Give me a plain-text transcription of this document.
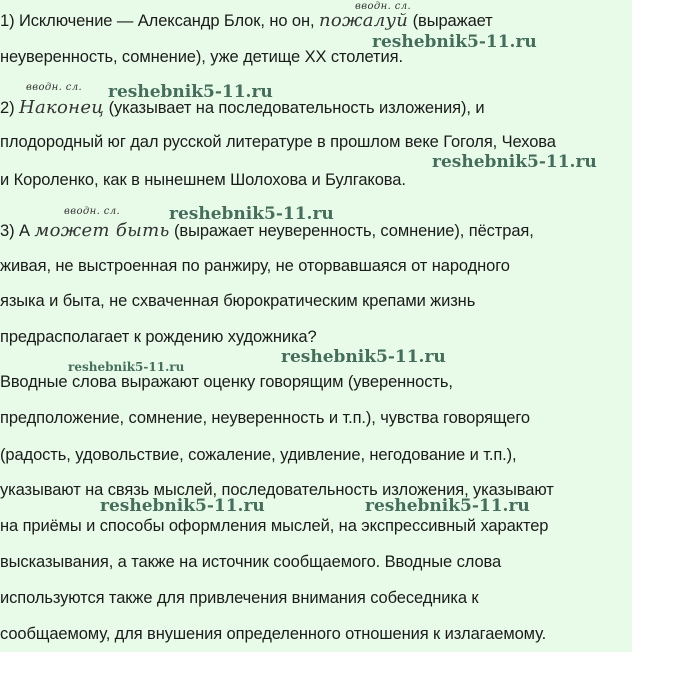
вводн. сл.
1) Исключение — Александр Блок, но он, пожалуй (выражает
reshebnik5-11.ru
неуверенность, сомнение), уже детище XX столетия.
вводн. сл. reshebnik5-11.ru
2) Наконец (указывает на последовательность изложения), и
плодородный юг дал русской литературе в прошлом веке Гоголя, Чехова
reshebnik5-11.ru
и Короленко, как в нынешнем Шолохова и Булгакова.
вводн. сл.	reshebnik5-11.ru
3) А может быть (выражает неуверенность, сомнение), пёстрая,
живая, не выстроенная по ранжиру, не оторвавшаяся от народного
языка и быта, не схваченная бюрократическим крепами жизнь
предрасполагает к рождению художника?
reshebnik5-11.ru	reshebnik5-11.ru
reshebnik5-11.ru	reshebnik5-11.ru
Вводные слова выражают оценку говорящим (уверенность,
предположение, сомнение, неуверенность и т.п.), чувства говорящего
(радость, удовольствие, сожаление, удивление, негодование и т.п.),
указывают на связь мыслей, последовательность изложения, указывают
на приёмы и способы оформления мыслей, на экспрессивный характер
высказывания, а также на источник сообщаемого. Вводные слова
используются также для привлечения внимания собеседника к
сообщаемому, для внушения определенного отношения к излагаемому.
